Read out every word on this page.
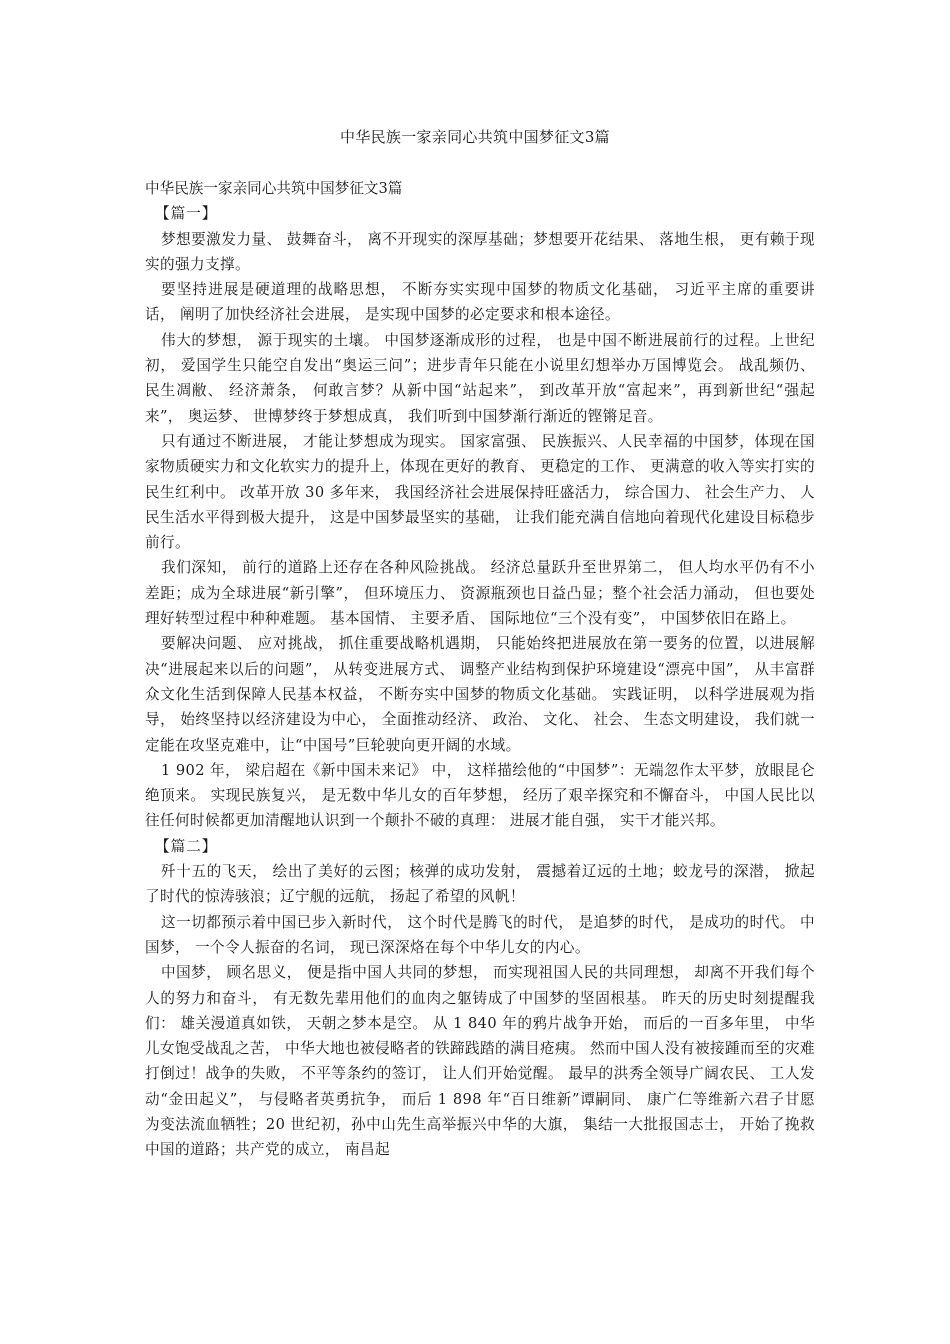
中华民族一家亲同心共筑中国梦征文3篇

中华民族一家亲同心共筑中国梦征文3篇

【篇一】

梦想要激发力量、 鼓舞奋斗， 离不开现实的深厚基础；梦想要开花结果、 落地生根， 更有赖于现实的强力支撑。

要坚持进展是硬道理的战略思想， 不断夯实实现中国梦的物质文化基础， 习近平主席的重要讲话， 阐明了加快经济社会进展， 是实现中国梦的必定要求和根本途径。

伟大的梦想， 源于现实的土壤。 中国梦逐渐成形的过程， 也是中国不断进展前行的过程。上世纪初， 爱国学生只能空自发出“奥运三问”；进步青年只能在小说里幻想举办万国博览会。 战乱频仍、 民生凋敝、 经济萧条， 何敢言梦？从新中国“站起来”， 到改革开放“富起来”，再到新世纪“强起来”， 奥运梦、 世博梦终于梦想成真， 我们听到中国梦渐行渐近的铿锵足音。

只有通过不断进展， 才能让梦想成为现实。 国家富强、 民族振兴、人民幸福的中国梦，体现在国家物质硬实力和文化软实力的提升上，体现在更好的教育、 更稳定的工作、 更满意的收入等实打实的民生红利中。 改革开放 30 多年来， 我国经济社会进展保持旺盛活力， 综合国力、 社会生产力、 人民生活水平得到极大提升， 这是中国梦最坚实的基础， 让我们能充满自信地向着现代化建设目标稳步前行。

我们深知， 前行的道路上还存在各种风险挑战。 经济总量跃升至世界第二， 但人均水平仍有不小差距；成为全球进展“新引擎”， 但环境压力、 资源瓶颈也日益凸显；整个社会活力涌动， 但也要处理好转型过程中种种难题。 基本国情、 主要矛盾、 国际地位“三个没有变”， 中国梦依旧在路上。

要解决问题、 应对挑战， 抓住重要战略机遇期， 只能始终把进展放在第一要务的位置，以进展解决“进展起来以后的问题”， 从转变进展方式、 调整产业结构到保护环境建设“漂亮中国”， 从丰富群众文化生活到保障人民基本权益， 不断夯实中国梦的物质文化基础。 实践证明， 以科学进展观为指导， 始终坚持以经济建设为中心， 全面推动经济、 政治、 文化、 社会、 生态文明建设， 我们就一定能在攻坚克难中，让“中国号”巨轮驶向更开阔的水域。

1 902 年， 梁启超在《新中国未来记》 中， 这样描绘他的“中国梦”：无端忽作太平梦，放眼昆仑绝顶来。 实现民族复兴， 是无数中华儿女的百年梦想， 经历了艰辛探究和不懈奋斗， 中国人民比以往任何时候都更加清醒地认识到一个颠扑不破的真理： 进展才能自强， 实干才能兴邦。

【篇二】

歼十五的飞天， 绘出了美好的云图；核弹的成功发射， 震撼着辽远的土地；蛟龙号的深潜， 掀起了时代的惊涛骇浪；辽宁舰的远航， 扬起了希望的风帆！

这一切都预示着中国已步入新时代， 这个时代是腾飞的时代， 是追梦的时代， 是成功的时代。 中国梦， 一个令人振奋的名词， 现已深深烙在每个中华儿女的内心。

中国梦， 顾名思义， 便是指中国人共同的梦想， 而实现祖国人民的共同理想， 却离不开我们每个人的努力和奋斗， 有无数先辈用他们的血肉之躯铸成了中国梦的坚固根基。 昨天的历史时刻提醒我们： 雄关漫道真如铁， 天朝之梦本是空。 从 1 840 年的鸦片战争开始， 而后的一百多年里， 中华儿女饱受战乱之苦， 中华大地也被侵略者的铁蹄践踏的满目疮痍。 然而中国人没有被接踵而至的灾难打倒过！战争的失败， 不平等条约的签订， 让人们开始觉醒。 最早的洪秀全领导广阔农民、 工人发动“金田起义”， 与侵略者英勇抗争， 而后 1 898 年“百日维新”谭嗣同、 康广仁等维新六君子甘愿为变法流血牺牲；20 世纪初，孙中山先生高举振兴中华的大旗， 集结一大批报国志士， 开始了挽救中国的道路；共产党的成立， 南昌起
